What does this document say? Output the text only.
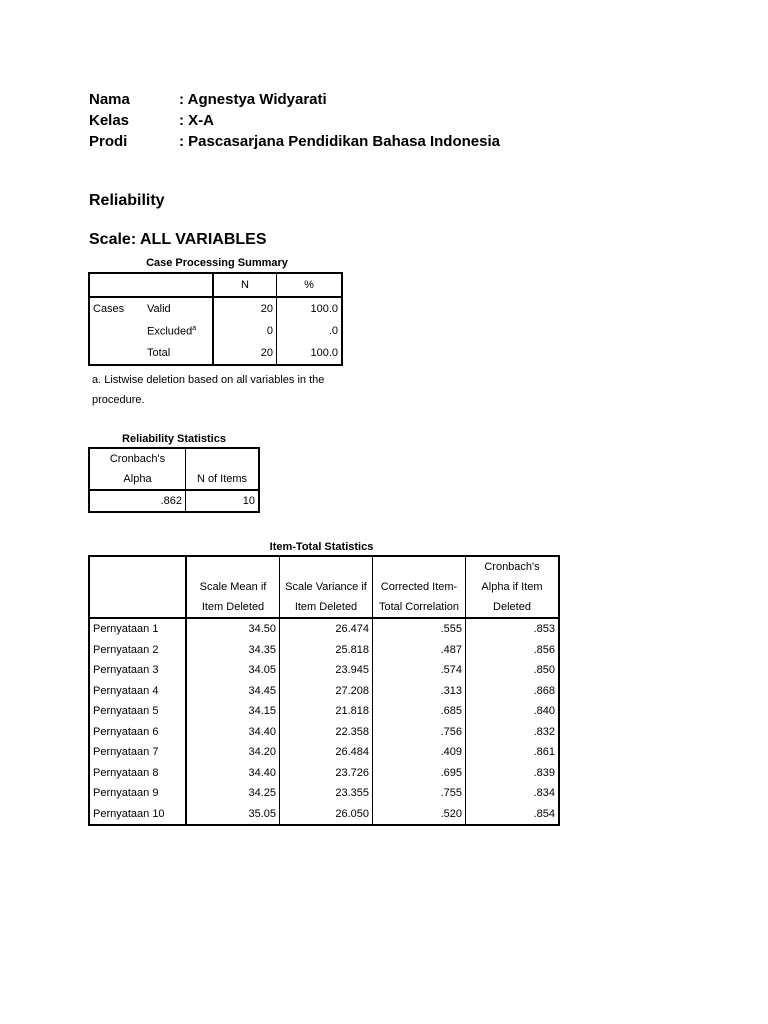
Nama	: Agnestya Widyarati
Kelas	: X-A
Prodi	: Pascasarjana Pendidikan Bahasa Indonesia
Reliability
Scale: ALL VARIABLES
Case Processing Summary
		N	%
Cases	Valid	20	100.0
	Excluded$^a$	0	.0
	Total	20	100.0
a. Listwise deletion based on all variables in the procedure.
Reliability Statistics
Cronbach's	
Alpha	N of Items
.862	10
Item-Total Statistics
				Cronbach's
	Scale Mean if	Scale Variance if	Corrected Item-	Alpha if Item
	Item Deleted	Item Deleted	Total Correlation	Deleted
Pernyataan 1	34.50	26.474	.555	.853
Pernyataan 2	34.35	25.818	.487	.856
Pernyataan 3	34.05	23.945	.574	.850
Pernyataan 4	34.45	27.208	.313	.868
Pernyataan 5	34.15	21.818	.685	.840
Pernyataan 6	34.40	22.358	.756	.832
Pernyataan 7	34.20	26.484	.409	.861
Pernyataan 8	34.40	23.726	.695	.839
Pernyataan 9	34.25	23.355	.755	.834
Pernyataan 10	35.05	26.050	.520	.854
